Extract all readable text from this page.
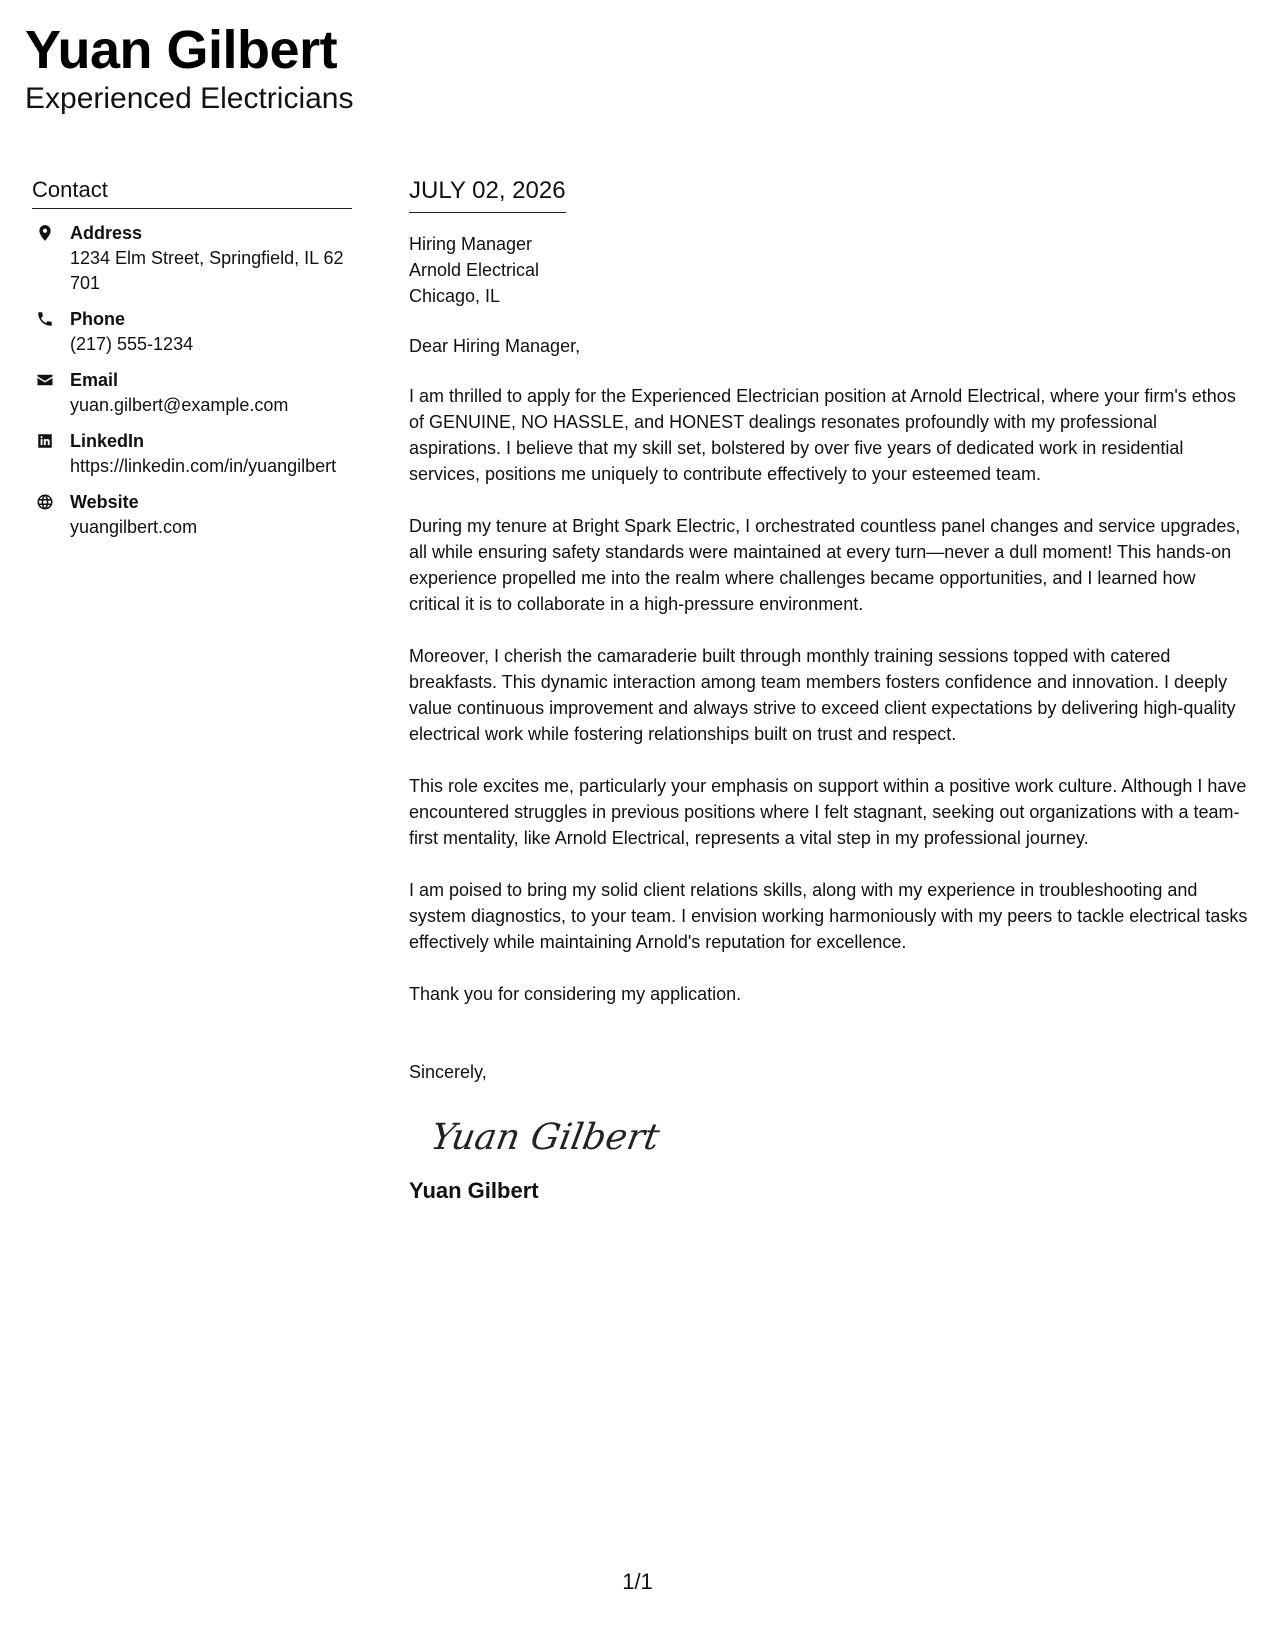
Yuan Gilbert
Experienced Electricians
Contact
Address
1234 Elm Street, Springfield, IL 62701
Phone
(217) 555-1234
Email
yuan.gilbert@example.com
LinkedIn
https://linkedin.com/in/yuangilbert
Website
yuangilbert.com
JULY 02, 2026
Hiring Manager
Arnold Electrical
Chicago, IL
Dear Hiring Manager,

I am thrilled to apply for the Experienced Electrician position at Arnold Electrical, where your firm's ethos of GENUINE, NO HASSLE, and HONEST dealings resonates profoundly with my professional aspirations. I believe that my skill set, bolstered by over five years of dedicated work in residential services, positions me uniquely to contribute effectively to your esteemed team.

During my tenure at Bright Spark Electric, I orchestrated countless panel changes and service upgrades, all while ensuring safety standards were maintained at every turn—never a dull moment! This hands-on experience propelled me into the realm where challenges became opportunities, and I learned how critical it is to collaborate in a high-pressure environment.

Moreover, I cherish the camaraderie built through monthly training sessions topped with catered breakfasts. This dynamic interaction among team members fosters confidence and innovation. I deeply value continuous improvement and always strive to exceed client expectations by delivering high-quality electrical work while fostering relationships built on trust and respect.

This role excites me, particularly your emphasis on support within a positive work culture. Although I have encountered struggles in previous positions where I felt stagnant, seeking out organizations with a team-first mentality, like Arnold Electrical, represents a vital step in my professional journey.

I am poised to bring my solid client relations skills, along with my experience in troubleshooting and system diagnostics, to your team. I envision working harmoniously with my peers to tackle electrical tasks effectively while maintaining Arnold's reputation for excellence.

Thank you for considering my application.

Sincerely,
Yuan Gilbert
Yuan Gilbert
1/1
